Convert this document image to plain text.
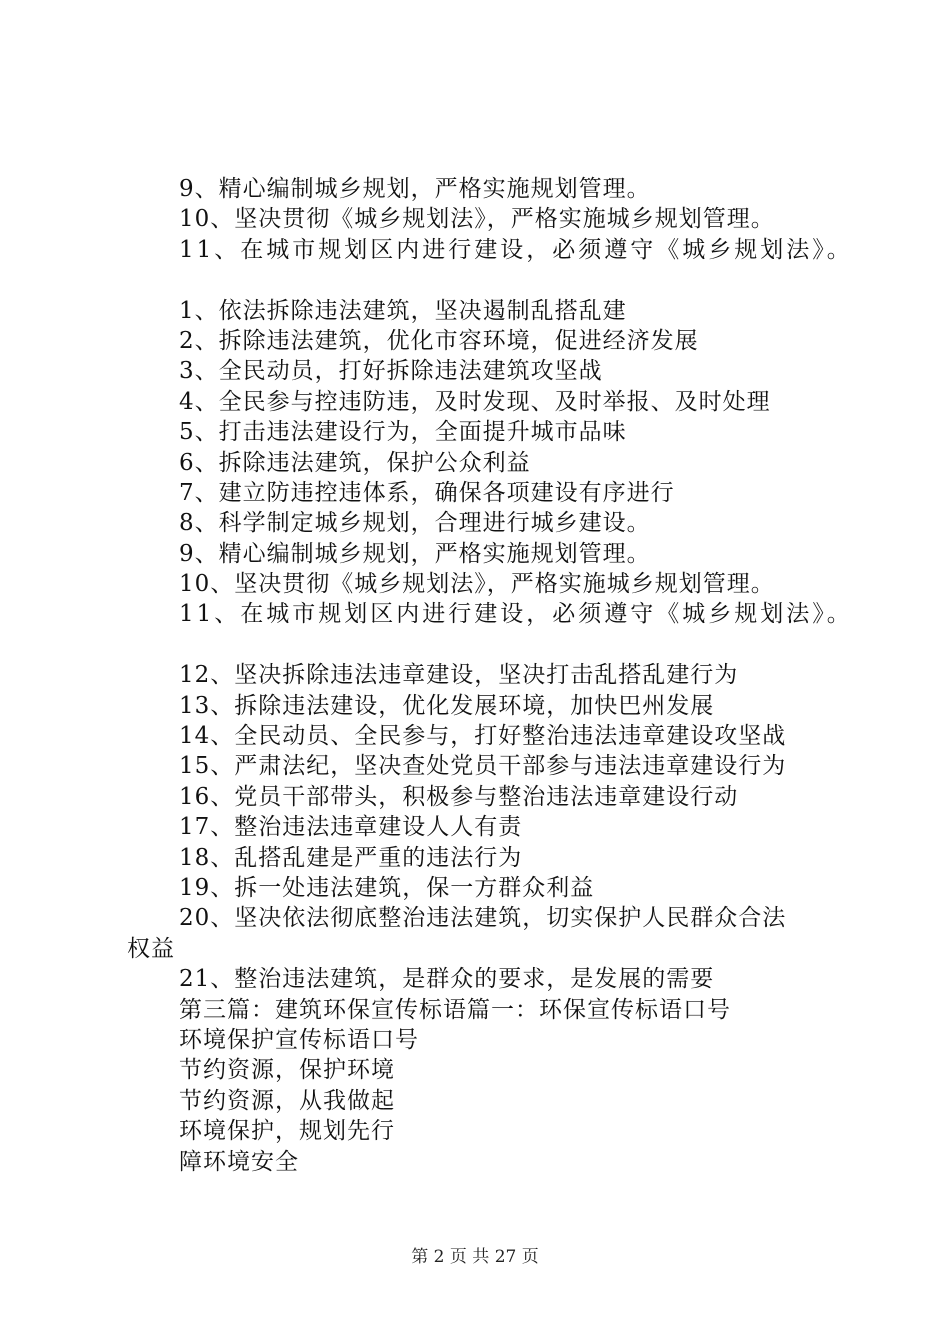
9、精心编制城乡规划，严格实施规划管理。
10、坚决贯彻《城乡规划法》，严格实施城乡规划管理。
11、在城市规划区内进行建设，必须遵守《城乡规划法》。
1、依法拆除违法建筑，坚决遏制乱搭乱建
2、拆除违法建筑，优化市容环境，促进经济发展
3、全民动员，打好拆除违法建筑攻坚战
4、全民参与控违防违，及时发现、及时举报、及时处理
5、打击违法建设行为，全面提升城市品味
6、拆除违法建筑，保护公众利益
7、建立防违控违体系，确保各项建设有序进行
8、科学制定城乡规划，合理进行城乡建设。
9、精心编制城乡规划，严格实施规划管理。
10、坚决贯彻《城乡规划法》，严格实施城乡规划管理。
11、在城市规划区内进行建设，必须遵守《城乡规划法》。
12、坚决拆除违法违章建设，坚决打击乱搭乱建行为
13、拆除违法建设，优化发展环境，加快巴州发展
14、全民动员、全民参与，打好整治违法违章建设攻坚战
15、严肃法纪，坚决查处党员干部参与违法违章建设行为
16、党员干部带头，积极参与整治违法违章建设行动
17、整治违法违章建设人人有责
18、乱搭乱建是严重的违法行为
19、拆一处违法建筑，保一方群众利益
20、坚决依法彻底整治违法建筑，切实保护人民群众合法
权益
21、整治违法建筑，是群众的要求，是发展的需要
第三篇：建筑环保宣传标语篇一：环保宣传标语口号
环境保护宣传标语口号
节约资源，保护环境
节约资源，从我做起
环境保护，规划先行
障环境安全
第 2 页 共 27 页
